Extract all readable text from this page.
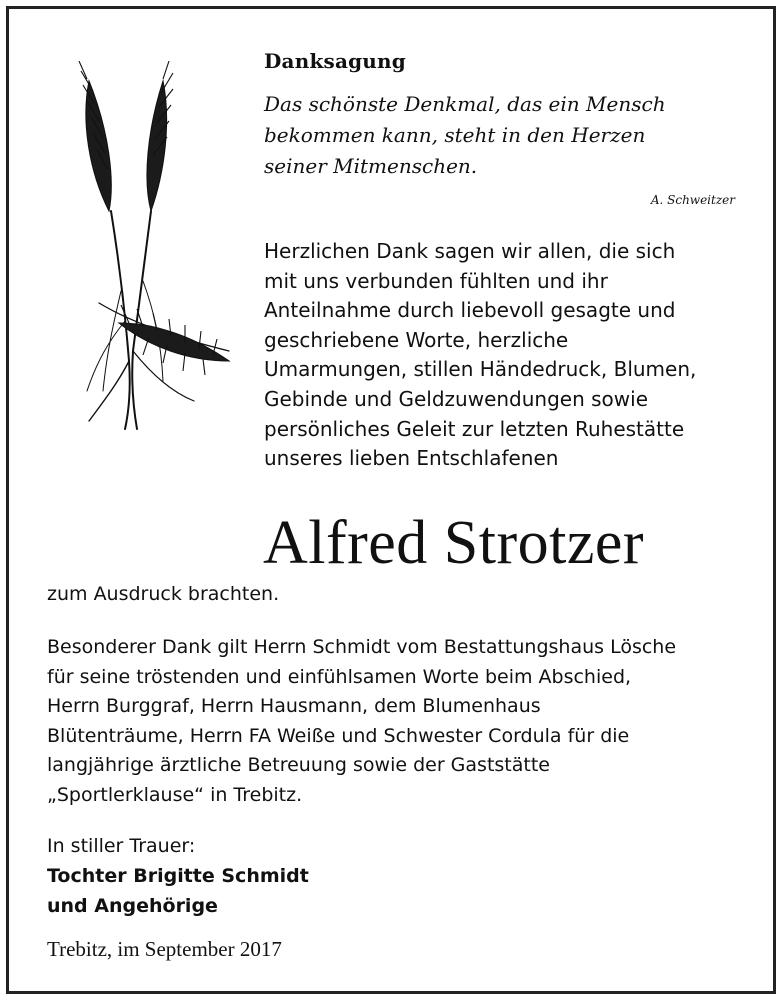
Danksagung

Das schönste Denkmal, das ein Mensch
bekommen kann, steht in den Herzen
seiner Mitmenschen.

A. Schweitzer

Herzlichen Dank sagen wir allen, die sich
mit uns verbunden fühlten und ihr
Anteilnahme durch liebevoll gesagte und
geschriebene Worte, herzliche
Umarmungen, stillen Händedruck, Blumen,
Gebinde und Geldzuwendungen sowie
persönliches Geleit zur letzten Ruhestätte
unseres lieben Entschlafenen

Alfred Strotzer
zum Ausdruck brachten.

Besonderer Dank gilt Herrn Schmidt vom Bestattungshaus Lösche
für seine tröstenden und einfühlsamen Worte beim Abschied,
Herrn Burggraf, Herrn Hausmann, dem Blumenhaus
Blütenträume, Herrn FA Weiße und Schwester Cordula für die
langjährige ärztliche Betreuung sowie der Gaststätte
„Sportlerklause“ in Trebitz.

In stiller Trauer:
Tochter Brigitte Schmidt
und Angehörige
Trebitz, im September 2017
